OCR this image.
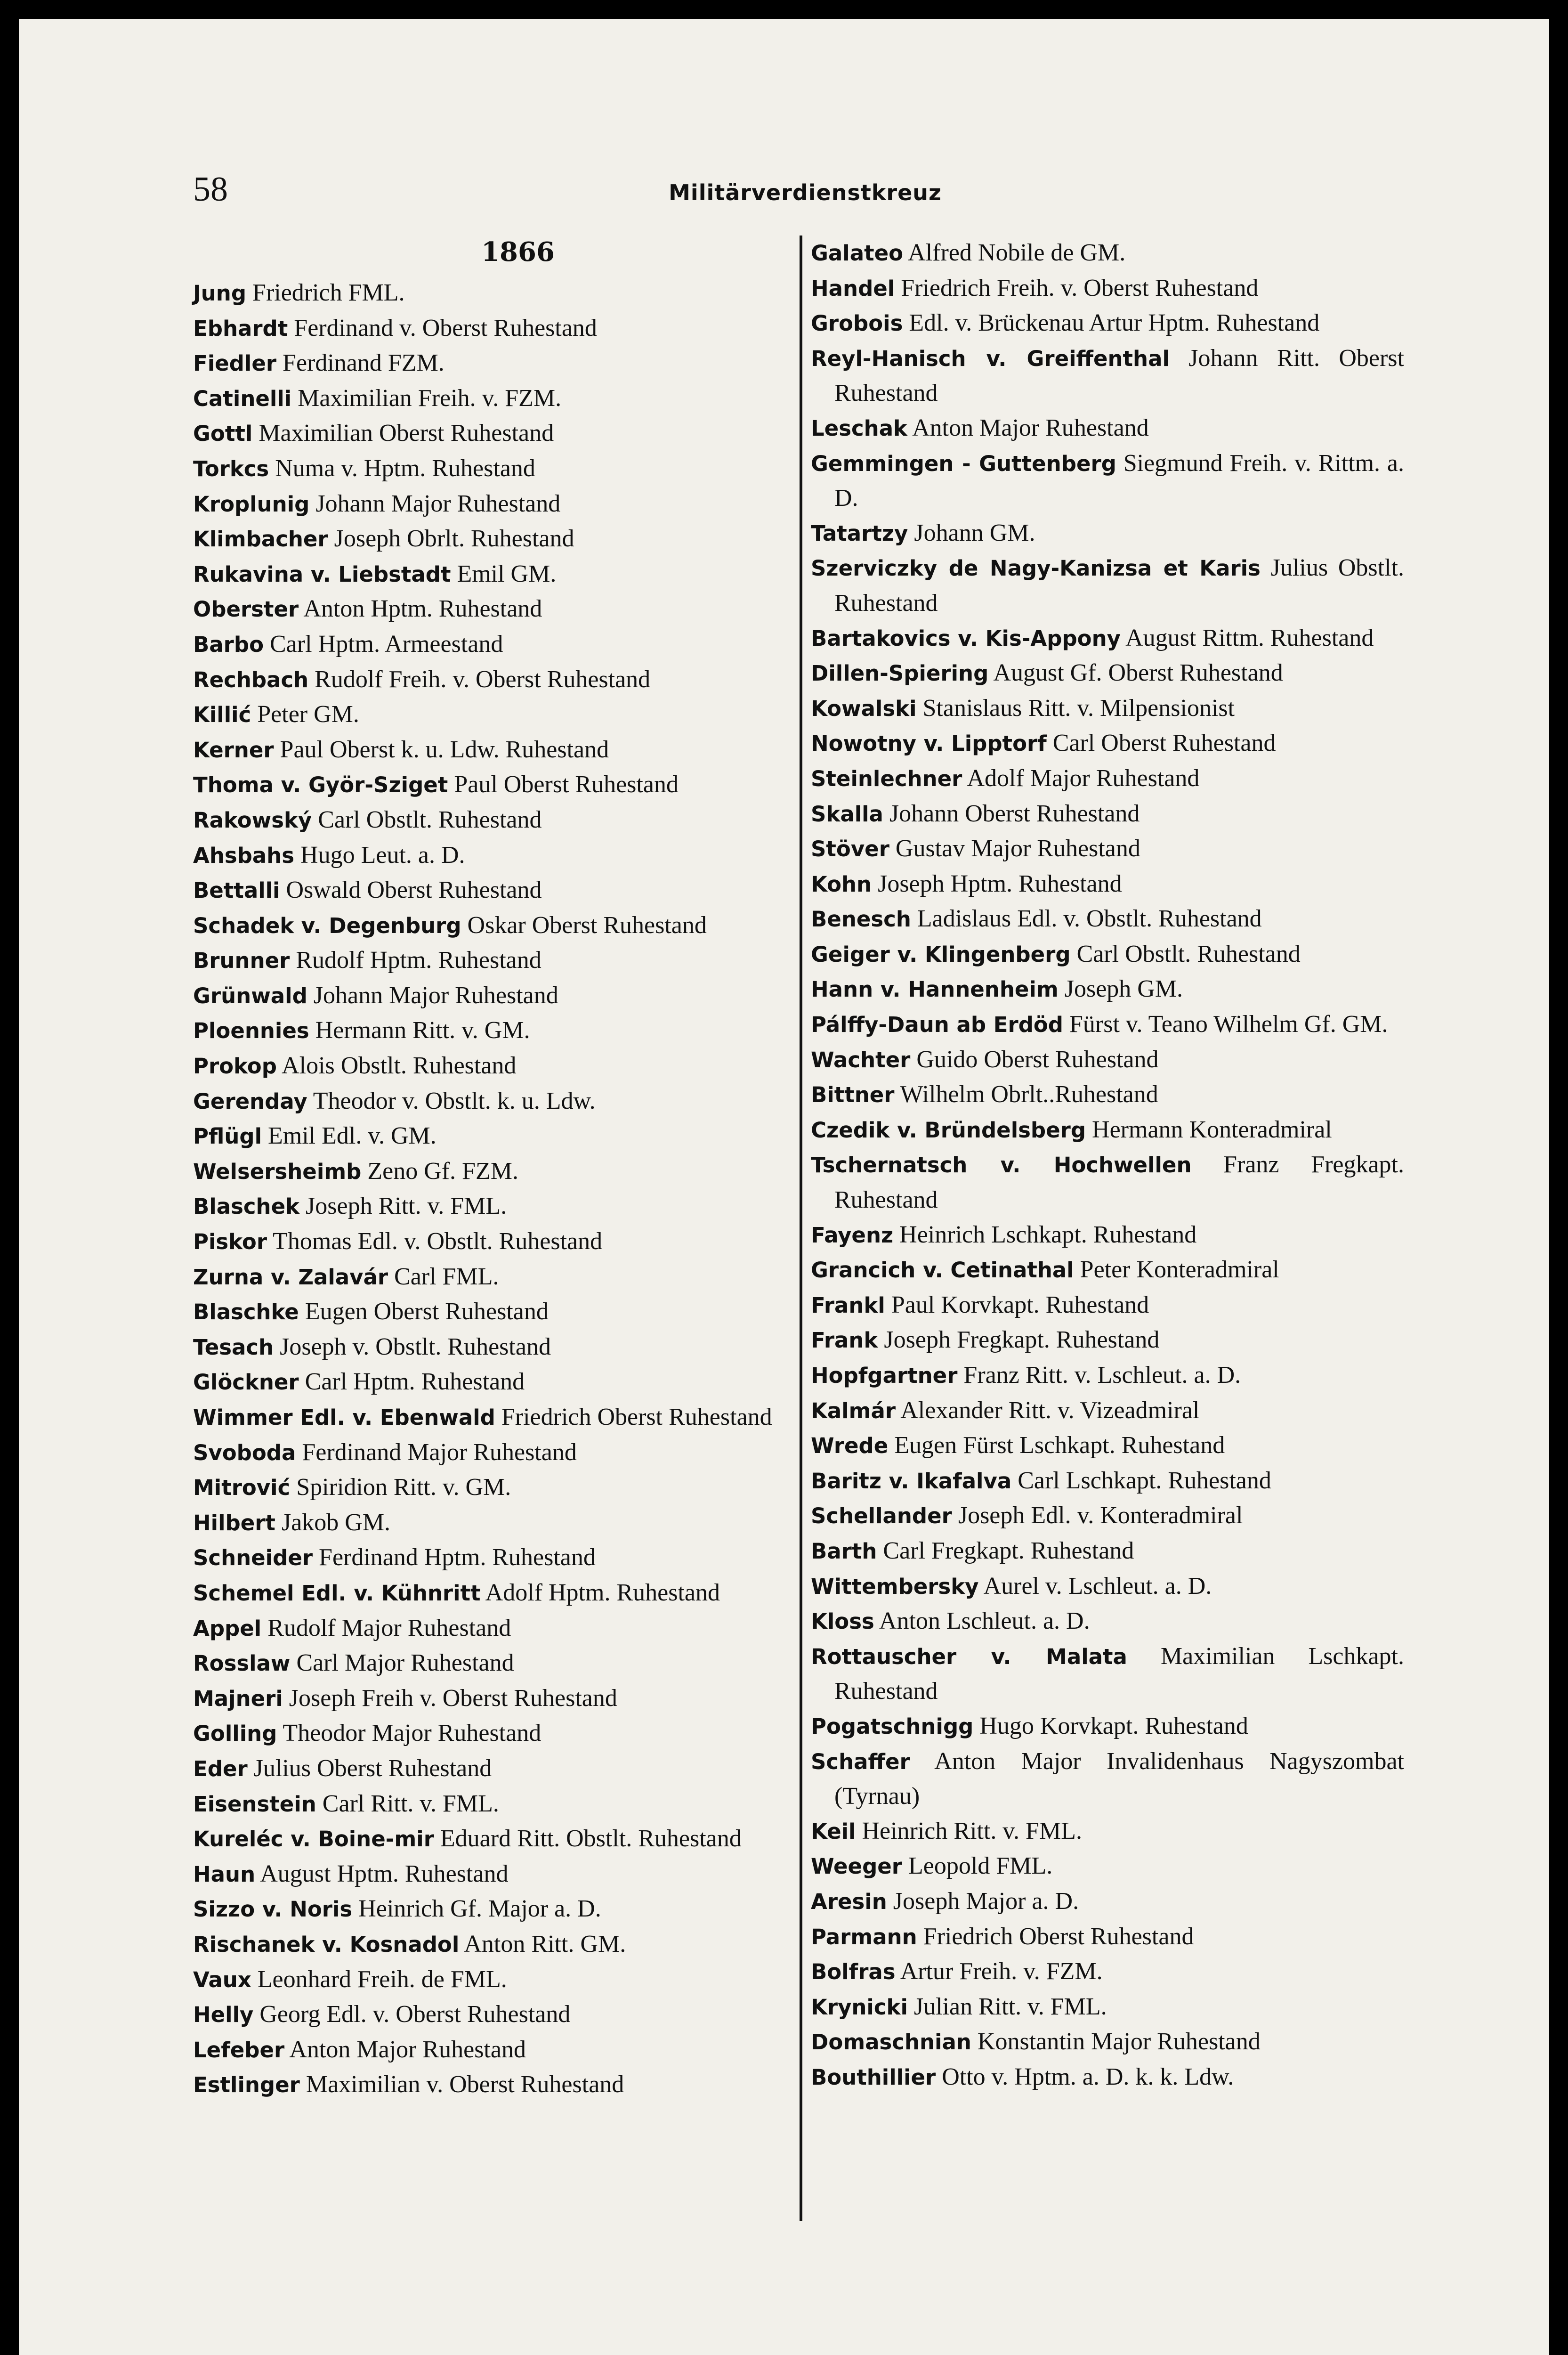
58	Militärverdienstkreuz
1866
Jung Friedrich FML.
Ebhardt Ferdinand v. Oberst Ruhestand
Fiedler Ferdinand FZM.
Catinelli Maximilian Freih. v. FZM.
Gottl Maximilian Oberst Ruhestand
Torkcs Numa v. Hptm. Ruhestand
Kroplunig Johann Major Ruhestand
Klimbacher Joseph Obrlt. Ruhestand
Rukavina v. Liebstadt Emil GM.
Oberster Anton Hptm. Ruhestand
Barbo Carl Hptm. Armeestand
Rechbach Rudolf Freih. v. Oberst Ruhestand
Killić Peter GM.
Kerner Paul Oberst k. u. Ldw. Ruhestand
Thoma v. Györ-Sziget Paul Oberst Ruhestand
Rakowský Carl Obstlt. Ruhestand
Ahsbahs Hugo Leut. a. D.
Bettalli Oswald Oberst Ruhestand
Schadek v. Degenburg Oskar Oberst Ruhestand
Brunner Rudolf Hptm. Ruhestand
Grünwald Johann Major Ruhestand
Ploennies Hermann Ritt. v. GM.
Prokop Alois Obstlt. Ruhestand
Gerenday Theodor v. Obstlt. k. u. Ldw.
Pflügl Emil Edl. v. GM.
Welsersheimb Zeno Gf. FZM.
Blaschek Joseph Ritt. v. FML.
Piskor Thomas Edl. v. Obstlt. Ruhestand
Zurna v. Zalavár Carl FML.
Blaschke Eugen Oberst Ruhestand
Tesach Joseph v. Obstlt. Ruhestand
Glöckner Carl Hptm. Ruhestand
Wimmer Edl. v. Ebenwald Friedrich Oberst Ruhestand
Svoboda Ferdinand Major Ruhestand
Mitrović Spiridion Ritt. v. GM.
Hilbert Jakob GM.
Schneider Ferdinand Hptm. Ruhestand
Schemel Edl. v. Kühnritt Adolf Hptm. Ruhestand
Appel Rudolf Major Ruhestand
Rosslaw Carl Major Ruhestand
Majneri Joseph Freih v. Oberst Ruhestand
Golling Theodor Major Ruhestand
Eder Julius Oberst Ruhestand
Eisenstein Carl Ritt. v. FML.
Kureléc v. Boine-mir Eduard Ritt. Obstlt. Ruhestand
Haun August Hptm. Ruhestand
Sizzo v. Noris Heinrich Gf. Major a. D.
Rischanek v. Kosnadol Anton Ritt. GM.
Vaux Leonhard Freih. de FML.
Helly Georg Edl. v. Oberst Ruhestand
Lefeber Anton Major Ruhestand
Estlinger Maximilian v. Oberst Ruhestand
Galateo Alfred Nobile de GM.
Handel Friedrich Freih. v. Oberst Ruhestand
Grobois Edl. v. Brückenau Artur Hptm. Ruhestand
Reyl-Hanisch v. Greiffenthal Johann Ritt. Oberst Ruhestand
Leschak Anton Major Ruhestand
Gemmingen - Guttenberg Siegmund Freih. v. Rittm. a. D.
Tatartzy Johann GM.
Szerviczky de Nagy-Kanizsa et Karis Julius Obstlt. Ruhestand
Bartakovics v. Kis-Appony August Rittm. Ruhestand
Dillen-Spiering August Gf. Oberst Ruhestand
Kowalski Stanislaus Ritt. v. Milpensionist
Nowotny v. Lipptorf Carl Oberst Ruhestand
Steinlechner Adolf Major Ruhestand
Skalla Johann Oberst Ruhestand
Stöver Gustav Major Ruhestand
Kohn Joseph Hptm. Ruhestand
Benesch Ladislaus Edl. v. Obstlt. Ruhestand
Geiger v. Klingenberg Carl Obstlt. Ruhestand
Hann v. Hannenheim Joseph GM.
Pálffy-Daun ab Erdöd Fürst v. Teano Wilhelm Gf. GM.
Wachter Guido Oberst Ruhestand
Bittner Wilhelm Obrlt..Ruhestand
Czedik v. Bründelsberg Hermann Konteradmiral
Tschernatsch v. Hochwellen Franz Fregkapt. Ruhestand
Fayenz Heinrich Lschkapt. Ruhestand
Grancich v. Cetinathal Peter Konteradmiral
Frankl Paul Korvkapt. Ruhestand
Frank Joseph Fregkapt. Ruhestand
Hopfgartner Franz Ritt. v. Lschleut. a. D.
Kalmár Alexander Ritt. v. Vizeadmiral
Wrede Eugen Fürst Lschkapt. Ruhestand
Baritz v. Ikafalva Carl Lschkapt. Ruhestand
Schellander Joseph Edl. v. Konteradmiral
Barth Carl Fregkapt. Ruhestand
Wittembersky Aurel v. Lschleut. a. D.
Kloss Anton Lschleut. a. D.
Rottauscher v. Malata Maximilian Lschkapt. Ruhestand
Pogatschnigg Hugo Korvkapt. Ruhestand
Schaffer Anton Major Invalidenhaus Nagyszombat (Tyrnau)
Keil Heinrich Ritt. v. FML.
Weeger Leopold FML.
Aresin Joseph Major a. D.
Parmann Friedrich Oberst Ruhestand
Bolfras Artur Freih. v. FZM.
Krynicki Julian Ritt. v. FML.
Domaschnian Konstantin Major Ruhestand
Bouthillier Otto v. Hptm. a. D. k. k. Ldw.
